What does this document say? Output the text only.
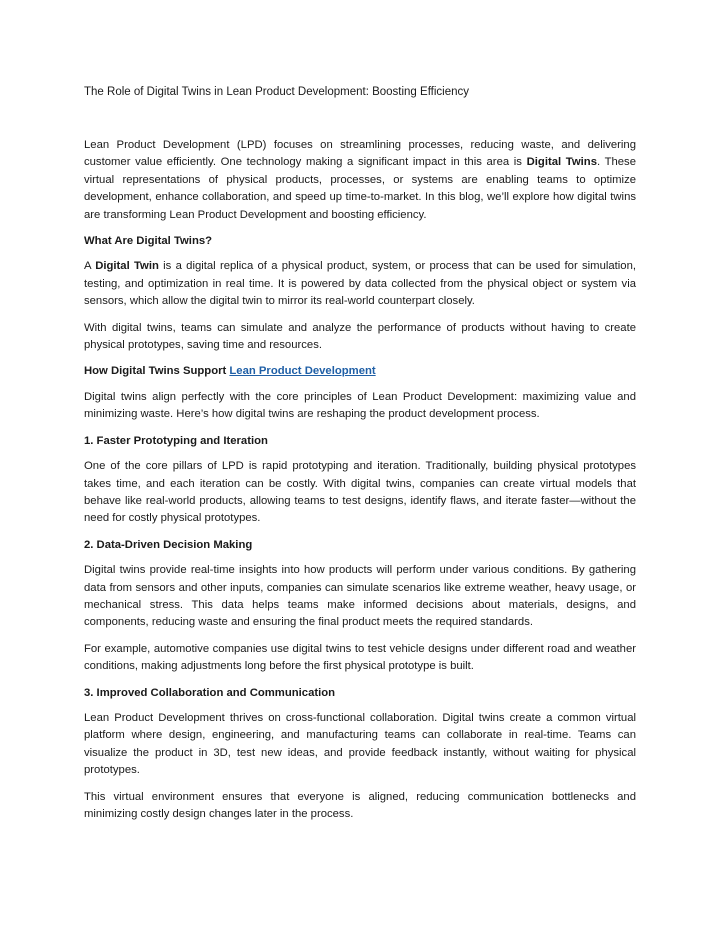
The Role of Digital Twins in Lean Product Development: Boosting Efficiency

Lean Product Development (LPD) focuses on streamlining processes, reducing waste, and delivering customer value efficiently. One technology making a significant impact in this area is Digital Twins. These virtual representations of physical products, processes, or systems are enabling teams to optimize development, enhance collaboration, and speed up time-to-market. In this blog, we’ll explore how digital twins are transforming Lean Product Development and boosting efficiency.

What Are Digital Twins?

A Digital Twin is a digital replica of a physical product, system, or process that can be used for simulation, testing, and optimization in real time. It is powered by data collected from the physical object or system via sensors, which allow the digital twin to mirror its real-world counterpart closely.

With digital twins, teams can simulate and analyze the performance of products without having to create physical prototypes, saving time and resources.

How Digital Twins Support Lean Product Development

Digital twins align perfectly with the core principles of Lean Product Development: maximizing value and minimizing waste. Here’s how digital twins are reshaping the product development process.

1. Faster Prototyping and Iteration

One of the core pillars of LPD is rapid prototyping and iteration. Traditionally, building physical prototypes takes time, and each iteration can be costly. With digital twins, companies can create virtual models that behave like real-world products, allowing teams to test designs, identify flaws, and iterate faster—without the need for costly physical prototypes.

2. Data-Driven Decision Making

Digital twins provide real-time insights into how products will perform under various conditions. By gathering data from sensors and other inputs, companies can simulate scenarios like extreme weather, heavy usage, or mechanical stress. This data helps teams make informed decisions about materials, designs, and components, reducing waste and ensuring the final product meets the required standards.

For example, automotive companies use digital twins to test vehicle designs under different road and weather conditions, making adjustments long before the first physical prototype is built.

3. Improved Collaboration and Communication

Lean Product Development thrives on cross-functional collaboration. Digital twins create a common virtual platform where design, engineering, and manufacturing teams can collaborate in real-time. Teams can visualize the product in 3D, test new ideas, and provide feedback instantly, without waiting for physical prototypes.

This virtual environment ensures that everyone is aligned, reducing communication bottlenecks and minimizing costly design changes later in the process.
